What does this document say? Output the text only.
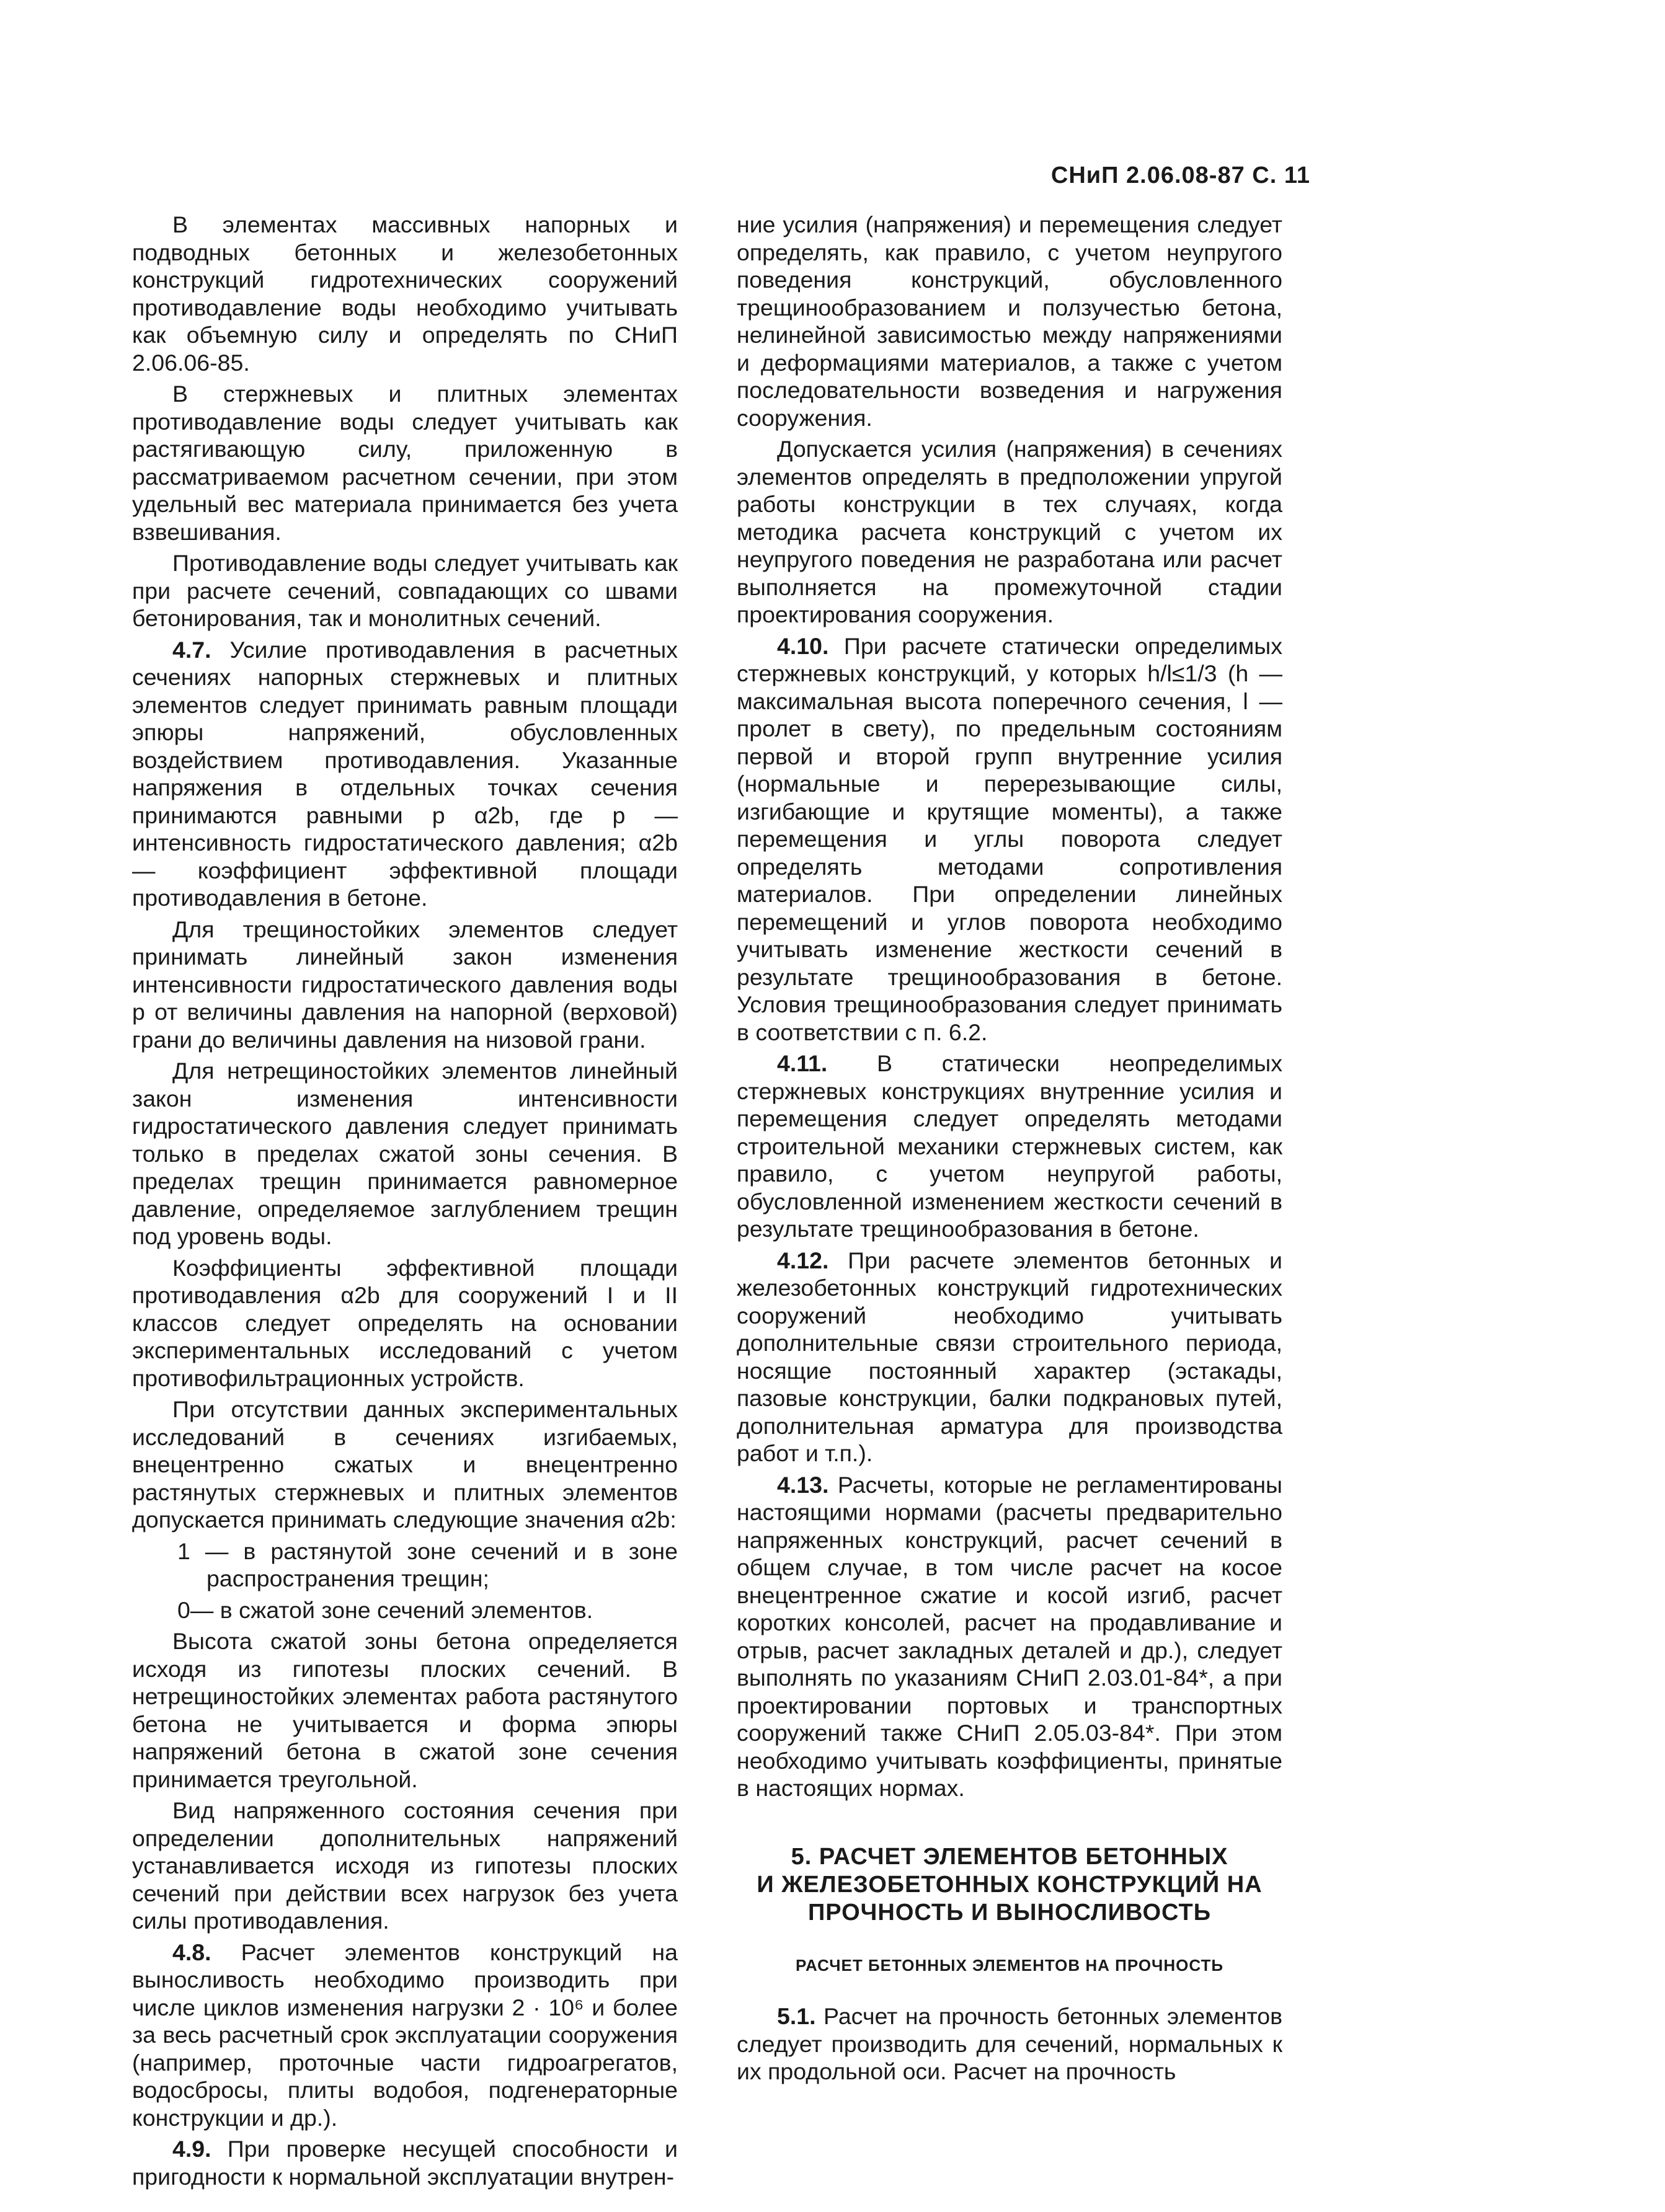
СНиП 2.06.08-87 С. 11

В элементах массивных напорных и подводных бетонных и железобетонных конструкций гидротехнических сооружений противодавление воды необходимо учитывать как объемную силу и определять по СНиП 2.06.06-85.

В стержневых и плитных элементах противодавление воды следует учитывать как растягивающую силу, приложенную в рассматриваемом расчетном сечении, при этом удельный вес материала принимается без учета взвешивания.

Противодавление воды следует учитывать как при расчете сечений, совпадающих со швами бетонирования, так и монолитных сечений.

4.7. Усилие противодавления в расчетных сечениях напорных стержневых и плитных элементов следует принимать равным площади эпюры напряжений, обусловленных воздействием противодавления. Указанные напряжения в отдельных точках сечения принимаются равными p α2b, где p — интенсивность гидростатического давления; α2b — коэффициент эффективной площади противодавления в бетоне.

Для трещиностойких элементов следует принимать линейный закон изменения интенсивности гидростатического давления воды p от величины давления на напорной (верховой) грани до величины давления на низовой грани.

Для нетрещиностойких элементов линейный закон изменения интенсивности гидростатического давления следует принимать только в пределах сжатой зоны сечения. В пределах трещин принимается равномерное давление, определяемое заглублением трещин под уровень воды.

Коэффициенты эффективной площади противодавления α2b для сооружений I и II классов следует определять на основании экспериментальных исследований с учетом противофильтрационных устройств.

При отсутствии данных экспериментальных исследований в сечениях изгибаемых, внецентренно сжатых и внецентренно растянутых стержневых и плитных элементов допускается принимать следующие значения α2b:

1 — в растянутой зоне сечений и в зоне распространения трещин;

0— в сжатой зоне сечений элементов.

Высота сжатой зоны бетона определяется исходя из гипотезы плоских сечений. В нетрещиностойких элементах работа растянутого бетона не учитывается и форма эпюры напряжений бетона в сжатой зоне сечения принимается треугольной.

Вид напряженного состояния сечения при определении дополнительных напряжений устанавливается исходя из гипотезы плоских сечений при действии всех нагрузок без учета силы противодавления.

4.8. Расчет элементов конструкций на выносливость необходимо производить при числе циклов изменения нагрузки 2 · 10⁶ и более за весь расчетный срок эксплуатации сооружения (например, проточные части гидроагрегатов, водосбросы, плиты водобоя, подгенераторные конструкции и др.).

4.9. При проверке несущей способности и пригодности к нормальной эксплуатации внутрен-

ние усилия (напряжения) и перемещения следует определять, как правило, с учетом неупругого поведения конструкций, обусловленного трещинообразованием и ползучестью бетона, нелинейной зависимостью между напряжениями и деформациями материалов, а также с учетом последовательности возведения и нагружения сооружения.

Допускается усилия (напряжения) в сечениях элементов определять в предположении упругой работы конструкции в тех случаях, когда методика расчета конструкций с учетом их неупругого поведения не разработана или расчет выполняется на промежуточной стадии проектирования сооружения.

4.10. При расчете статически определимых стержневых конструкций, у которых h/l≤1/3 (h — максимальная высота поперечного сечения, l — пролет в свету), по предельным состояниям первой и второй групп внутренние усилия (нормальные и перерезывающие силы, изгибающие и крутящие моменты), а также перемещения и углы поворота следует определять методами сопротивления материалов. При определении линейных перемещений и углов поворота необходимо учитывать изменение жесткости сечений в результате трещинообразования в бетоне. Условия трещинообразования следует принимать в соответствии с п. 6.2.

4.11. В статически неопределимых стержневых конструкциях внутренние усилия и перемещения следует определять методами строительной механики стержневых систем, как правило, с учетом неупругой работы, обусловленной изменением жесткости сечений в результате трещинообразования в бетоне.

4.12. При расчете элементов бетонных и железобетонных конструкций гидротехнических сооружений необходимо учитывать дополнительные связи строительного периода, носящие постоянный характер (эстакады, пазовые конструкции, балки подкрановых путей, дополнительная арматура для производства работ и т.п.).

4.13. Расчеты, которые не регламентированы настоящими нормами (расчеты предварительно напряженных конструкций, расчет сечений в общем случае, в том числе расчет на косое внецентренное сжатие и косой изгиб, расчет коротких консолей, расчет на продавливание и отрыв, расчет закладных деталей и др.), следует выполнять по указаниям СНиП 2.03.01-84*, а при проектировании портовых и транспортных сооружений также СНиП 2.05.03-84*. При этом необходимо учитывать коэффициенты, принятые в настоящих нормах.

5. РАСЧЕТ ЭЛЕМЕНТОВ БЕТОННЫХ
И ЖЕЛЕЗОБЕТОННЫХ КОНСТРУКЦИЙ НА
ПРОЧНОСТЬ И ВЫНОСЛИВОСТЬ
РАСЧЕТ БЕТОННЫХ ЭЛЕМЕНТОВ НА ПРОЧНОСТЬ

5.1. Расчет на прочность бетонных элементов следует производить для сечений, нормальных к их продольной оси. Расчет на прочность
